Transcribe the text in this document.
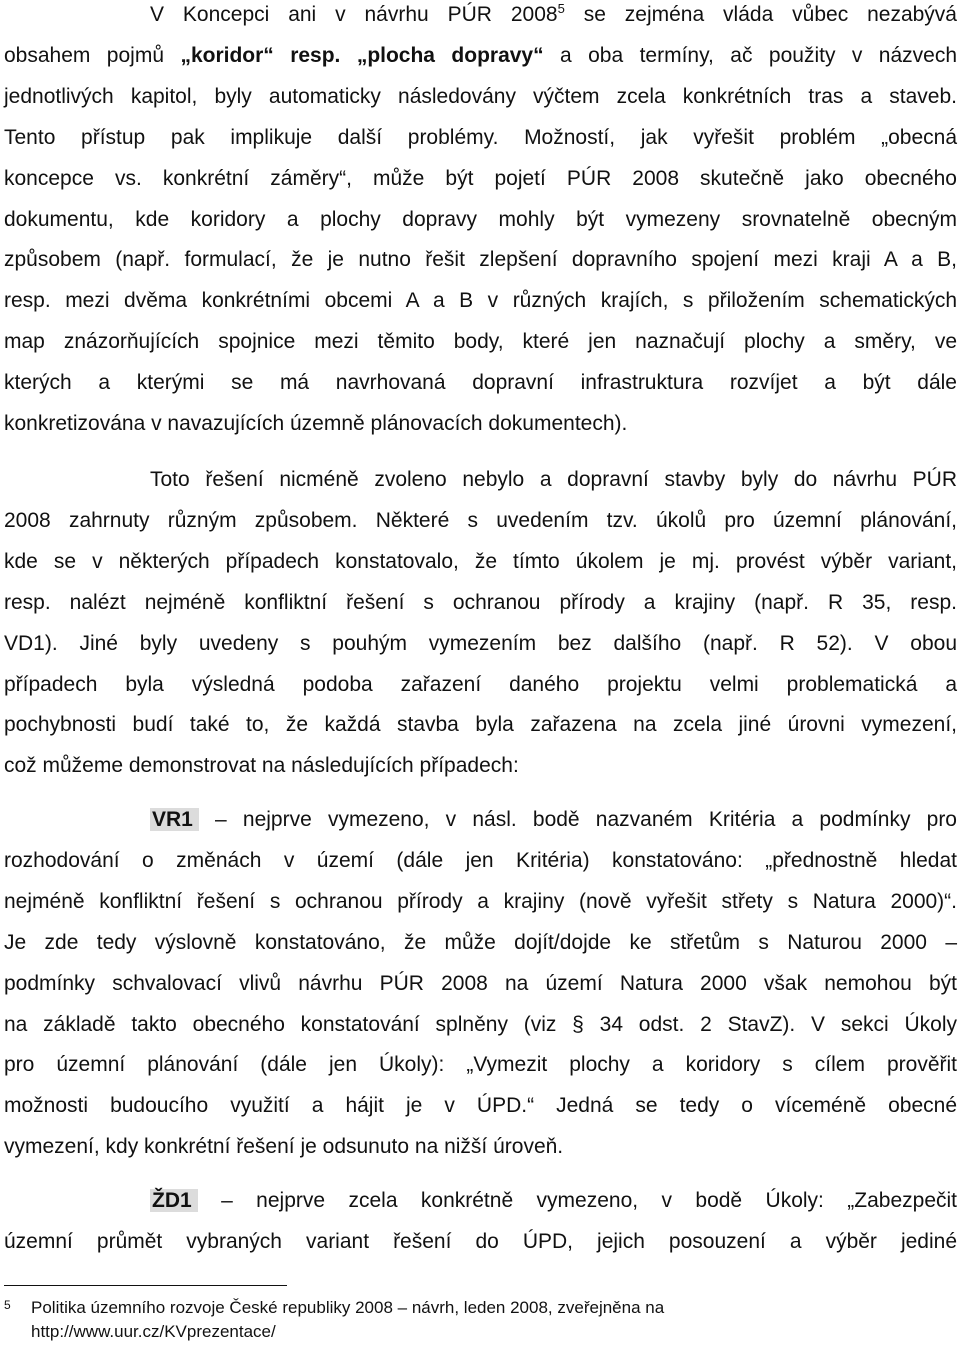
V Koncepci ani v návrhu PÚR 2008$^5$ se zejména vláda vůbec nezabývá
obsahem pojmů „koridor“ resp. „plocha dopravy“ a oba termíny, ač použity v názvech
jednotlivých kapitol, byly automaticky následovány výčtem zcela konkrétních tras a staveb.
Tento přístup pak implikuje další problémy. Možností, jak vyřešit problém „obecná
koncepce vs. konkrétní záměry“, může být pojetí PÚR 2008 skutečně jako obecného
dokumentu, kde koridory a plochy dopravy mohly být vymezeny srovnatelně obecným
způsobem (např. formulací, že je nutno řešit zlepšení dopravního spojení mezi kraji A a B,
resp. mezi dvěma konkrétními obcemi A a B v různých krajích, s přiložením schematických
map znázorňujících spojnice mezi těmito body, které jen naznačují plochy a směry, ve
kterých a kterými se má navrhovaná dopravní infrastruktura rozvíjet a být dále
konkretizována v navazujících územně plánovacích dokumentech).
Toto řešení nicméně zvoleno nebylo a dopravní stavby byly do návrhu PÚR
2008 zahrnuty různým způsobem. Některé s uvedením tzv. úkolů pro územní plánování,
kde se v některých případech konstatovalo, že tímto úkolem je mj. provést výběr variant,
resp. nalézt nejméně konfliktní řešení s ochranou přírody a krajiny (např. R 35, resp.
VD1). Jiné byly uvedeny s pouhým vymezením bez dalšího (např. R 52). V obou
případech byla výsledná podoba zařazení daného projektu velmi problematická a
pochybnosti budí také to, že každá stavba byla zařazena na zcela jiné úrovni vymezení,
což můžeme demonstrovat na následujících případech:
VR1 – nejprve vymezeno, v násl. bodě nazvaném Kritéria a podmínky pro
rozhodování o změnách v území (dále jen Kritéria) konstatováno: „přednostně hledat
nejméně konfliktní řešení s ochranou přírody a krajiny (nově vyřešit střety s Natura 2000)“.
Je zde tedy výslovně konstatováno, že může dojít/dojde ke střetům s Naturou 2000 –
podmínky schvalovací vlivů návrhu PÚR 2008 na území Natura 2000 však nemohou být
na základě takto obecného konstatování splněny (viz § 34 odst. 2 StavZ). V sekci Úkoly
pro územní plánování (dále jen Úkoly): „Vymezit plochy a koridory s cílem prověřit
možnosti budoucího využití a hájit je v ÚPD.“ Jedná se tedy o víceméně obecné
vymezení, kdy konkrétní řešení je odsunuto na nižší úroveň.
ŽD1 – nejprve zcela konkrétně vymezeno, v bodě Úkoly: „Zabezpečit
územní průmět vybraných variant řešení do ÚPD, jejich posouzení a výběr jediné
5 Politika územního rozvoje České republiky 2008 – návrh, leden 2008, zveřejněna na
http://www.uur.cz/KVprezentace/
